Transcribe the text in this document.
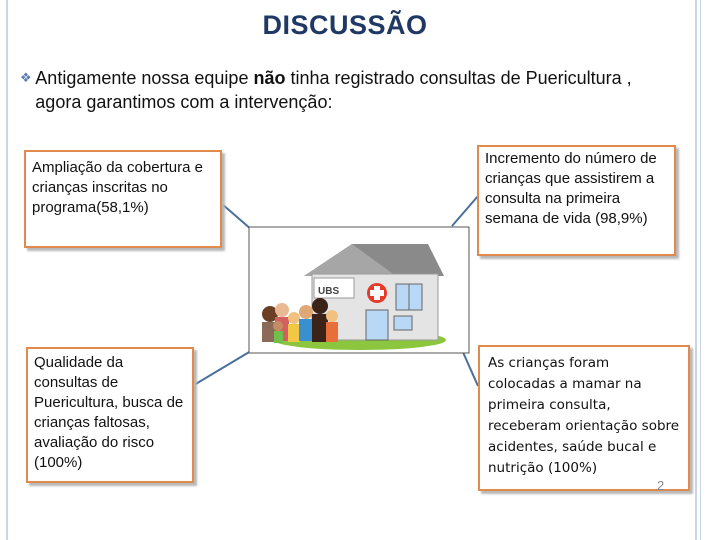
DISCUSSÃO
❖ Antigamente nossa equipe não tinha registrado consultas de Puericultura , agora garantimos com a intervenção:
Ampliação da cobertura e crianças inscritas no programa(58,1%)
Incremento do número de crianças que assistirem a consulta na primeira semana de vida (98,9%)
Qualidade da consultas de Puericultura, busca de crianças faltosas, avaliação do risco (100%)
As crianças foram colocadas a mamar na primeira consulta, receberam orientação sobre acidentes, saúde bucal e nutrição (100%)
UBS
2
